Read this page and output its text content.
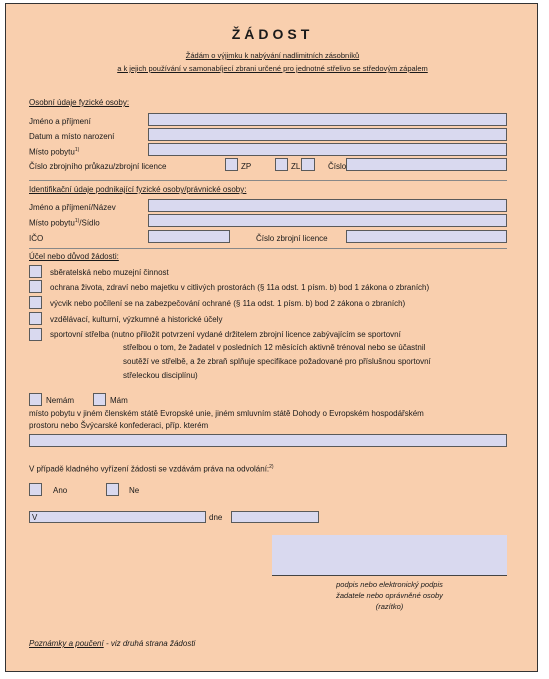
ŽÁDOST
Žádám o výjimku k nabývání nadlimitních zásobníků
a k jejich používání v samonabíjecí zbrani určené pro jednotné střelivo se středovým zápalem
Osobní údaje fyzické osoby:
Jméno a příjmení
Datum a místo narození
Místo pobytu$^{1)}$
Číslo zbrojního průkazu/zbrojní licence	ZP	ZL	Číslo
Identifikační údaje podnikající fyzické osoby/právnické osoby:
Jméno a příjmení/Název
Místo pobytu$^{1)}$/Sídlo
IČO	Číslo zbrojní licence
Účel nebo důvod žádosti:
sběratelská nebo muzejní činnost
ochrana života, zdraví nebo majetku v citlivých prostorách (§ 11a odst. 1 písm. b) bod 1 zákona o zbraních)
výcvik nebo počílení se na zabezpečování ochrané (§ 11a odst. 1 písm. b) bod 2 zákona o zbraních)
vzdělávací, kulturní, výzkumné a historické účely
sportovní střelba (nutno přiložit potvrzení vydané držitelem zbrojní licence zabývajícím se sportovní
střelbou o tom, že žadatel v posledních 12 měsících aktivně trénoval nebo se účastnil
soutěží ve střelbě, a že zbraň splňuje specifikace požadované pro příslušnou sportovní
střeleckou disciplínu)
Nemám	Mám
místo pobytu v jiném členském státě Evropské unie, jiném smluvním státě Dohody o Evropském hospodářském
prostoru nebo Švýcarské konfederaci, příp. kterém
V případě kladného vyřízení žádosti se vzdávám práva na odvolání:$^{2)}$
Ano	Ne
V	dne
podpis nebo elektronický podpis
žadatele nebo oprávněné osoby
(razítko)
Poznámky a poučení - viz druhá strana žádosti
